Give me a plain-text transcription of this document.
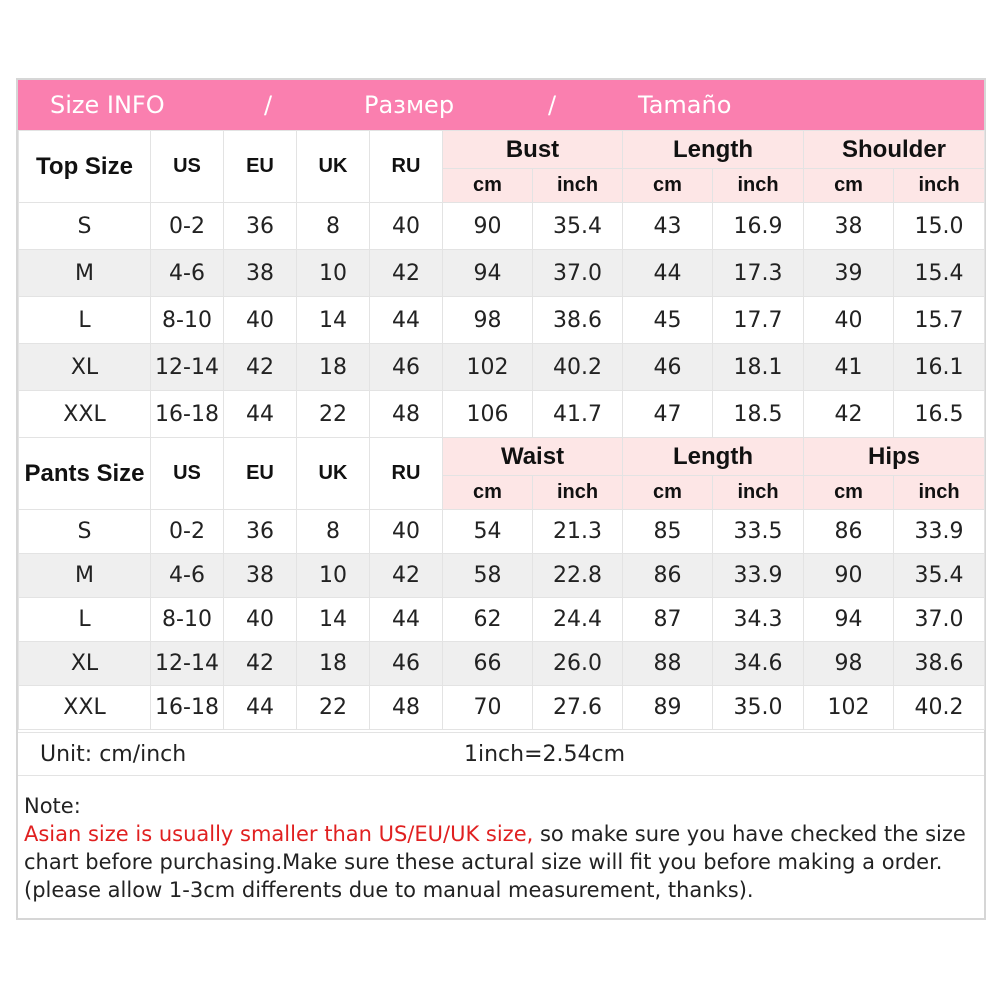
Size INFO	/	Размер	/	Tamaño
Top Size	US	EU	UK	RU	Bust		Length		Shoulder	
					cm	inch	cm	inch	cm	inch
S	0-2	36	8	40	90	35.4	43	16.9	38	15.0
M	4-6	38	10	42	94	37.0	44	17.3	39	15.4
L	8-10	40	14	44	98	38.6	45	17.7	40	15.7
XL	12-14	42	18	46	102	40.2	46	18.1	41	16.1
XXL	16-18	44	22	48	106	41.7	47	18.5	42	16.5
Pants Size	US	EU	UK	RU	Waist		Length		Hips	
					cm	inch	cm	inch	cm	inch
S	0-2	36	8	40	54	21.3	85	33.5	86	33.9
M	4-6	38	10	42	58	22.8	86	33.9	90	35.4
L	8-10	40	14	44	62	24.4	87	34.3	94	37.0
XL	12-14	42	18	46	66	26.0	88	34.6	98	38.6
XXL	16-18	44	22	48	70	27.6	89	35.0	102	40.2
Unit: cm/inch	1inch=2.54cm
Note:
Asian size is usually smaller than US/EU/UK size, so make sure you have checked the size chart before purchasing.Make sure these actural size will fit you before making a order.(please allow 1-3cm differents due to manual measurement, thanks).
